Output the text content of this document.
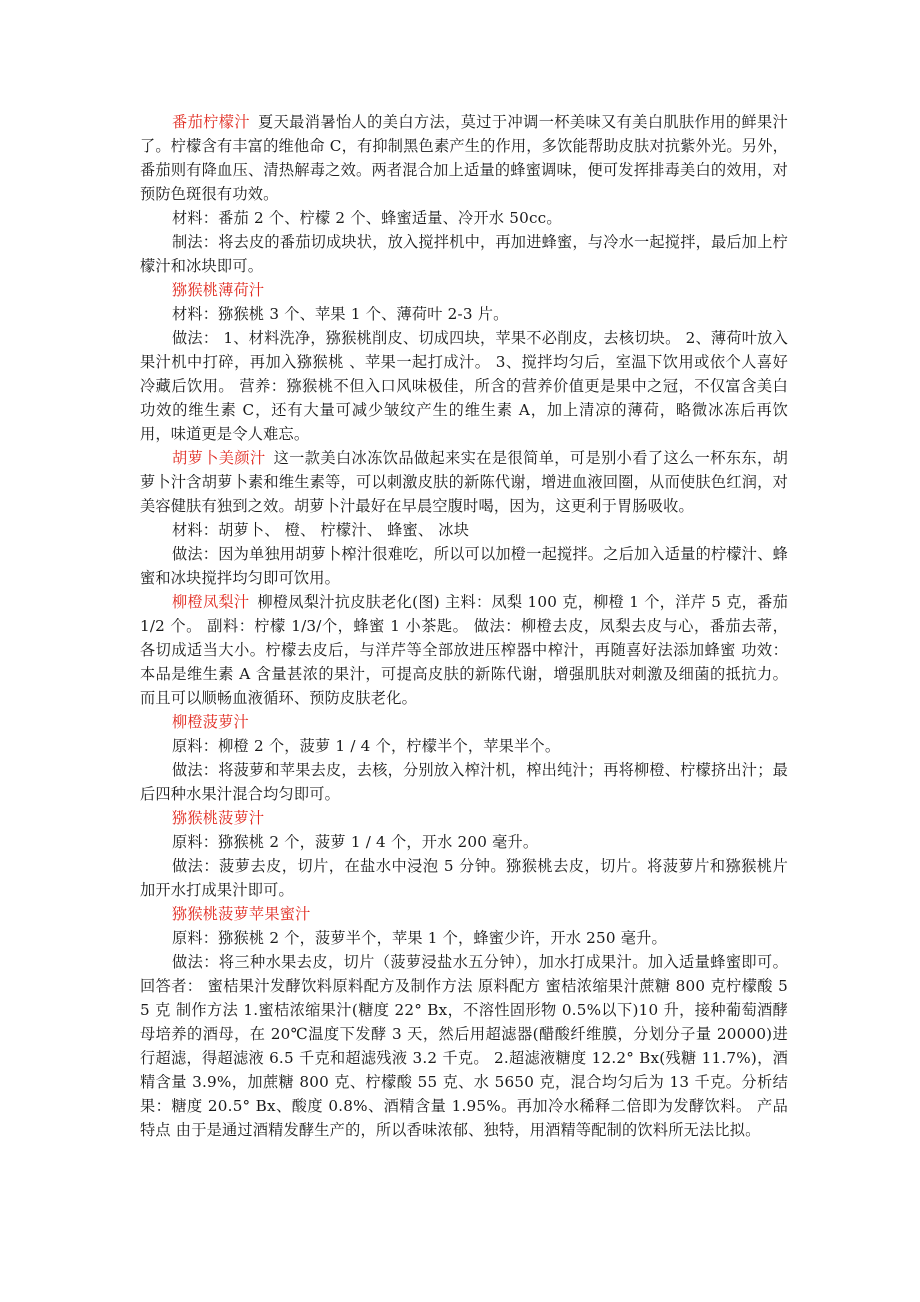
番茄柠檬汁 夏天最消暑怡人的美白方法，莫过于冲调一杯美味又有美白肌肤作用的鲜果汁了。柠檬含有丰富的维他命 C，有抑制黑色素产生的作用，多饮能帮助皮肤对抗紫外光。另外，番茄则有降血压、清热解毒之效。两者混合加上适量的蜂蜜调味，便可发挥排毒美白的效用，对预防色斑很有功效。

材料：番茄 2 个、柠檬 2 个、蜂蜜适量、冷开水 50cc。

制法：将去皮的番茄切成块状，放入搅拌机中，再加进蜂蜜，与冷水一起搅拌，最后加上柠檬汁和冰块即可。

猕猴桃薄荷汁

材料：猕猴桃 3 个、苹果 1 个、薄荷叶 2-3 片。

做法： 1、材料洗净，猕猴桃削皮、切成四块，苹果不必削皮，去核切块。 2、薄荷叶放入果汁机中打碎，再加入猕猴桃 、苹果一起打成汁。 3、搅拌均匀后，室温下饮用或依个人喜好冷藏后饮用。 营养：猕猴桃不但入口风味极佳，所含的营养价值更是果中之冠，不仅富含美白功效的维生素 C，还有大量可减少皱纹产生的维生素 A，加上清凉的薄荷，略微冰冻后再饮用，味道更是令人难忘。

胡萝卜美颜汁 这一款美白冰冻饮品做起来实在是很简单，可是别小看了这么一杯东东，胡萝卜汁含胡萝卜素和维生素等，可以刺激皮肤的新陈代谢，增进血液回圈，从而使肤色红润，对美容健肤有独到之效。胡萝卜汁最好在早晨空腹时喝，因为，这更利于胃肠吸收。

材料：胡萝卜、 橙、 柠檬汁、 蜂蜜、 冰块

做法：因为单独用胡萝卜榨汁很难吃，所以可以加橙一起搅拌。之后加入适量的柠檬汁、蜂蜜和冰块搅拌均匀即可饮用。

柳橙凤梨汁 柳橙凤梨汁抗皮肤老化(图) 主料：凤梨 100 克，柳橙 1 个，洋芹 5 克，番茄 1/2 个。 副料：柠檬 1/3/个，蜂蜜 1 小茶匙。 做法：柳橙去皮，凤梨去皮与心，番茄去蒂，各切成适当大小。柠檬去皮后，与洋芹等全部放进压榨器中榨汁，再随喜好法添加蜂蜜 功效：本品是维生素 A 含量甚浓的果汁，可提高皮肤的新陈代谢，增强肌肤对刺激及细菌的抵抗力。而且可以顺畅血液循环、预防皮肤老化。

柳橙菠萝汁

原料：柳橙 2 个，菠萝 1 / 4 个，柠檬半个，苹果半个。

做法：将菠萝和苹果去皮，去核，分别放入榨汁机，榨出纯汁；再将柳橙、柠檬挤出汁；最后四种水果汁混合均匀即可。

猕猴桃菠萝汁

原料：猕猴桃 2 个，菠萝 1 / 4 个，开水 200 毫升。

做法：菠萝去皮，切片，在盐水中浸泡 5 分钟。猕猴桃去皮，切片。将菠萝片和猕猴桃片加开水打成果汁即可。

猕猴桃菠萝苹果蜜汁

原料：猕猴桃 2 个，菠萝半个，苹果 1 个，蜂蜜少许，开水 250 毫升。

做法：将三种水果去皮，切片（菠萝浸盐水五分钟），加水打成果汁。加入适量蜂蜜即可。 回答者： 蜜桔果汁发酵饮料原料配方及制作方法 原料配方 蜜桔浓缩果汁蔗糖 800 克柠檬酸 55 克 制作方法 1.蜜桔浓缩果汁(糖度 22° Bx，不溶性固形物 0.5%以下)10 升，接种葡萄酒酵母培养的酒母，在 20℃温度下发酵 3 天，然后用超滤器(醋酸纤维膜，分划分子量 20000)进行超滤，得超滤液 6.5 千克和超滤残液 3.2 千克。 2.超滤液糖度 12.2° Bx(残糖 11.7%)，酒精含量 3.9%，加蔗糖 800 克、柠檬酸 55 克、水 5650 克，混合均匀后为 13 千克。分析结果：糖度 20.5° Bx、酸度 0.8%、酒精含量 1.95%。再加冷水稀释二倍即为发酵饮料。 产品特点 由于是通过酒精发酵生产的，所以香味浓郁、独特，用酒精等配制的饮料所无法比拟。
